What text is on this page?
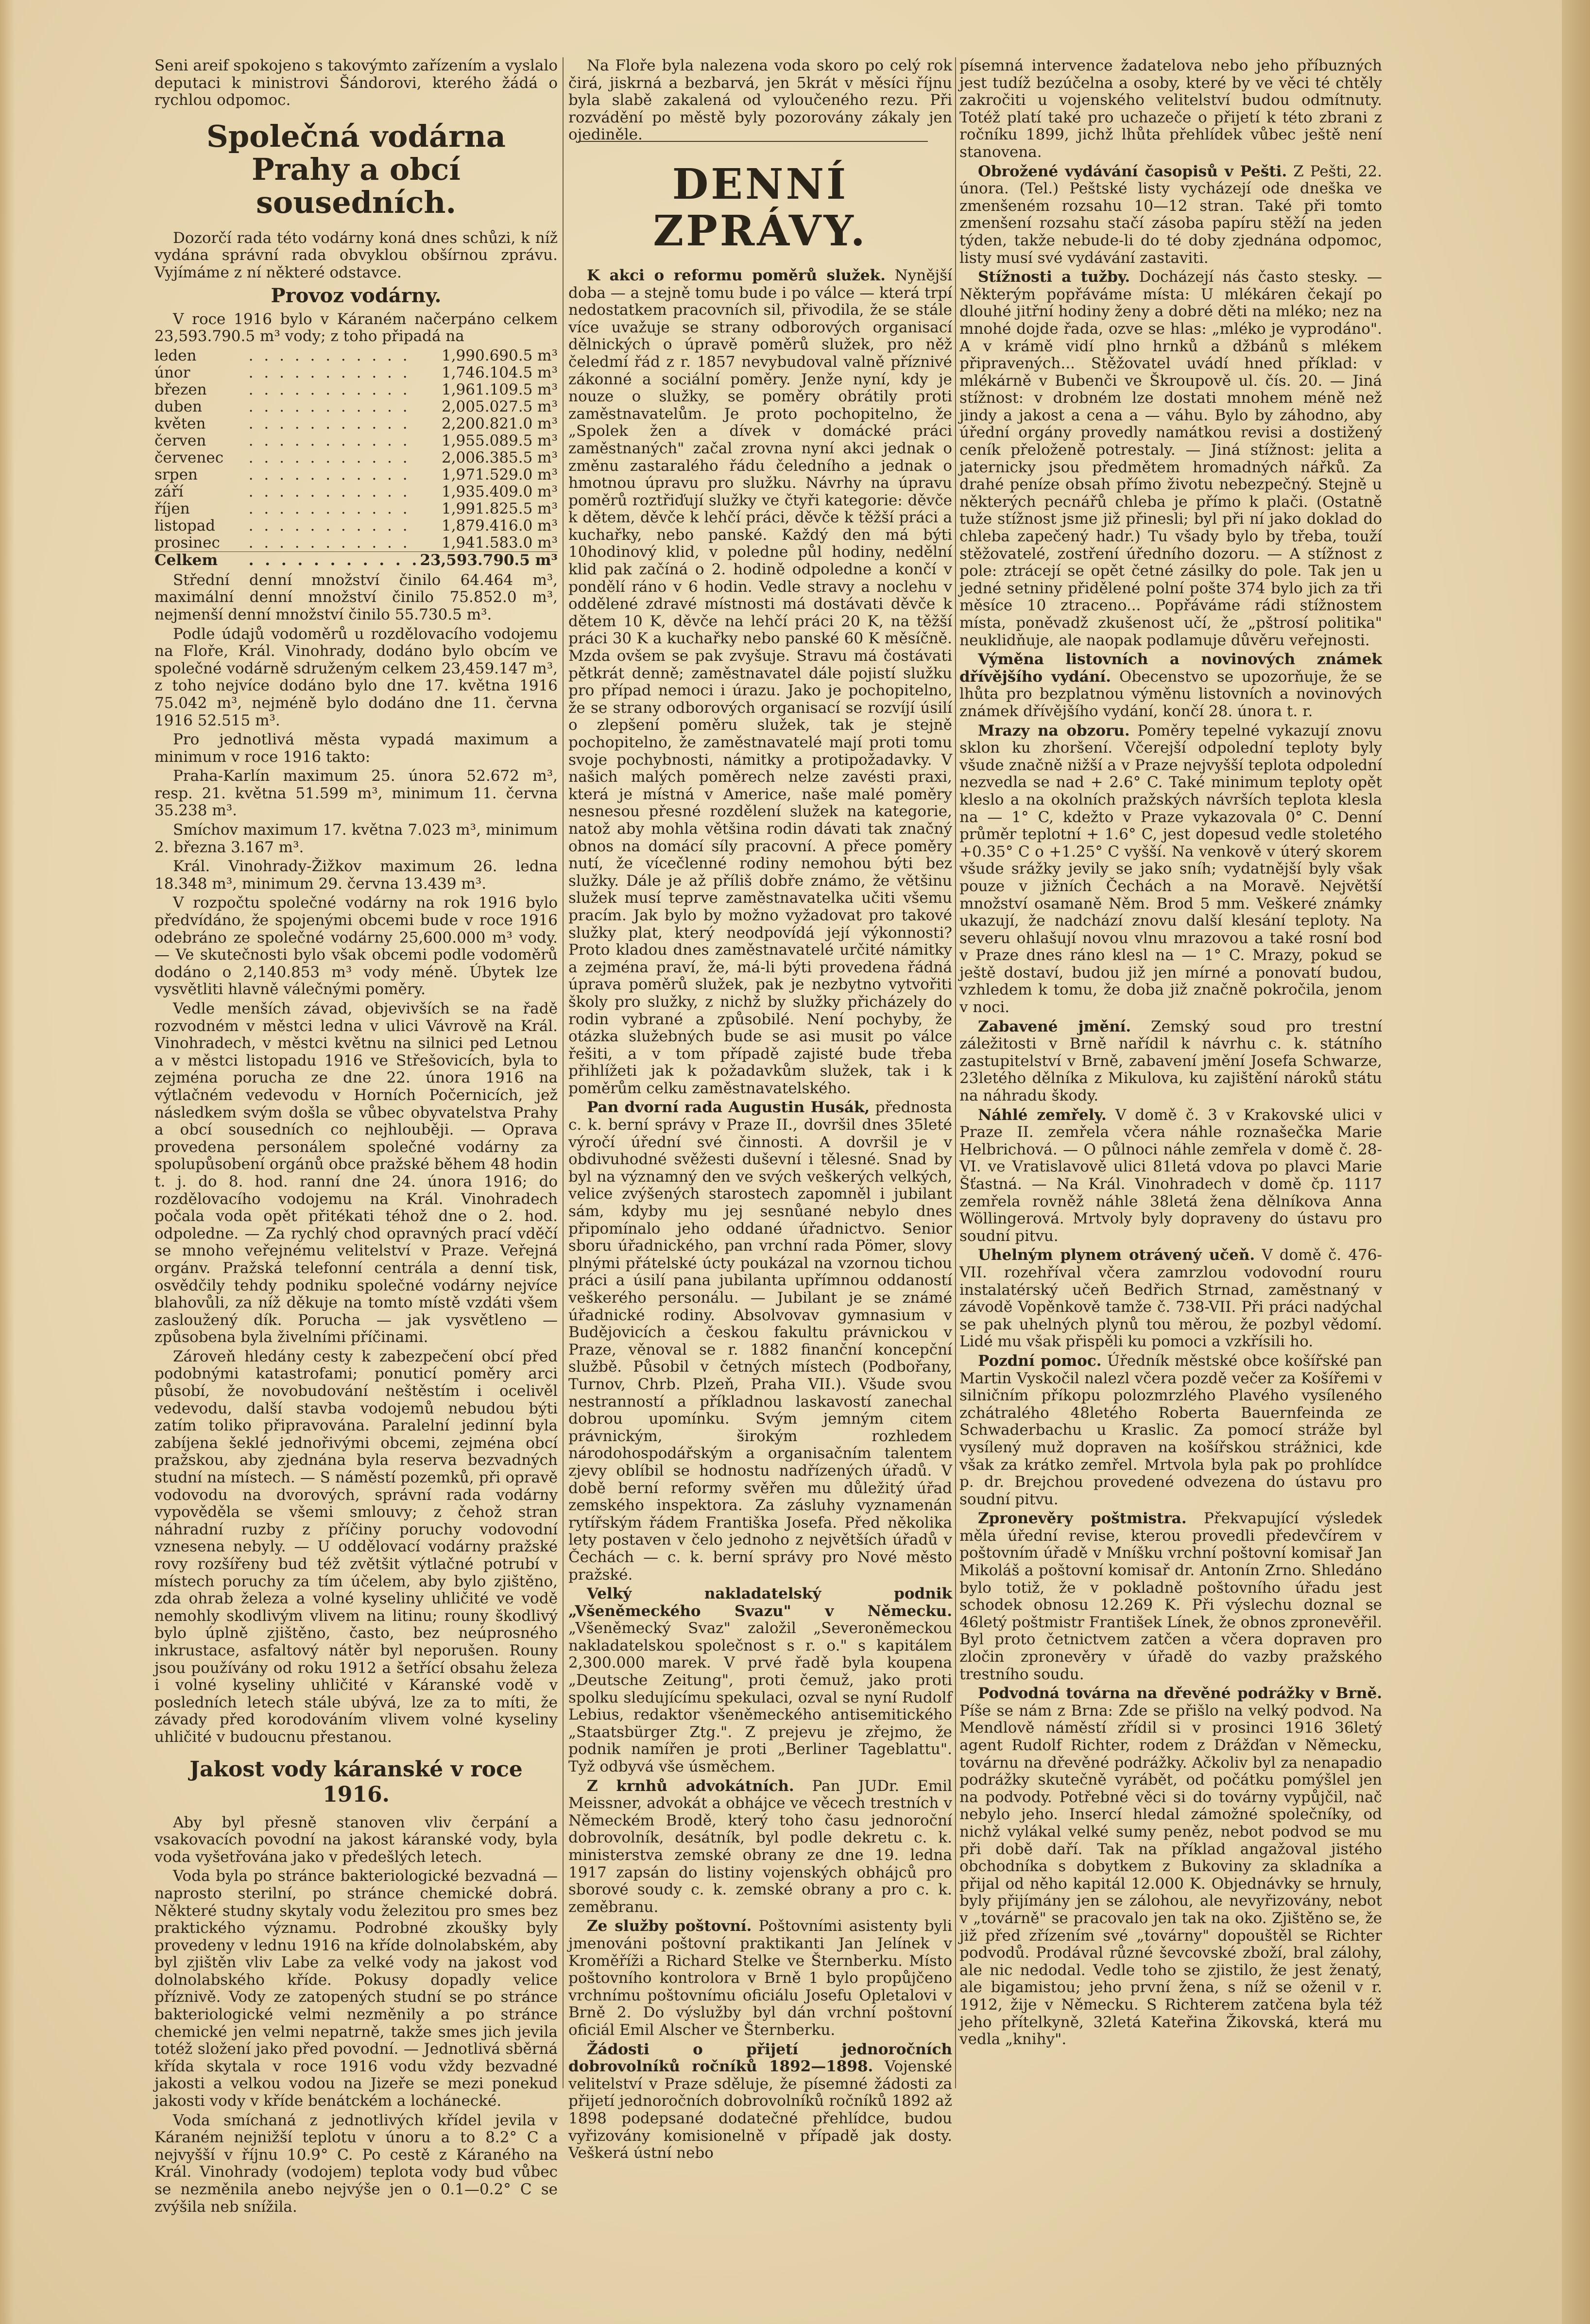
Seni areif spokojeno s takovýmto zařízením a vyslalo deputaci k ministrovi Šándorovi, kterého žádá o rychlou odpomoc.

Společná vodárna Prahy a obcí sousedních.

Dozorčí rada této vodárny koná dnes schůzi, k níž vydána správní rada obvyklou obšírnou zprávu. Vyjímáme z ní některé odstavce.

Provoz vodárny.

V roce 1916 bylo v Káraném načerpáno celkem 23,593.790.5 m³ vody; z toho připadá na

leden	. . . . . . . . . . .	1,990.690.5 m³
únor	. . . . . . . . . . .	1,746.104.5 m³
březen	. . . . . . . . . . .	1,961.109.5 m³
duben	. . . . . . . . . . .	2,005.027.5 m³
květen	. . . . . . . . . . .	2,200.821.0 m³
červen	. . . . . . . . . . .	1,955.089.5 m³
červenec	. . . . . . . . . . .	2,006.385.5 m³
srpen	. . . . . . . . . . .	1,971.529.0 m³
září	. . . . . . . . . . .	1,935.409.0 m³
říjen	. . . . . . . . . . .	1,991.825.5 m³
listopad	. . . . . . . . . . .	1,879.416.0 m³
prosinec	. . . . . . . . . . .	1,941.583.0 m³
Celkem	. . . . . . . . . . .	23,593.790.5 m³

Střední denní množství činilo 64.464 m³, maximální denní množství činilo 75.852.0 m³, nejmenší denní množství činilo 55.730.5 m³.

Podle údajů vodoměrů u rozdělovacího vodojemu na Floře, Král. Vinohrady, dodáno bylo obcím ve společné vodárně sdruženým celkem 23,459.147 m³, z toho nejvíce dodáno bylo dne 17. května 1916 75.042 m³, nejméně bylo dodáno dne 11. června 1916 52.515 m³.

Pro jednotlivá města vypadá maximum a minimum v roce 1916 takto:

Praha-Karlín maximum 25. února 52.672 m³, resp. 21. května 51.599 m³, minimum 11. června 35.238 m³.

Smíchov maximum 17. května 7.023 m³, minimum 2. března 3.167 m³.

Král. Vinohrady-Žižkov maximum 26. ledna 18.348 m³, minimum 29. června 13.439 m³.

V rozpočtu společné vodárny na rok 1916 bylo předvídáno, že spojenými obcemi bude v roce 1916 odebráno ze společné vodárny 25,600.000 m³ vody. — Ve skutečnosti bylo však obcemi podle vodoměrů dodáno o 2,140.853 m³ vody méně. Úbytek lze vysvětliti hlavně válečnými poměry.

Vedle menších závad, objevivších se na řadě rozvodném v městci ledna v ulici Vávrově na Král. Vinohradech, v městci květnu na silnici ped Letnou a v městci listopadu 1916 ve Střešovicích, byla to zejména porucha ze dne 22. února 1916 na výtlačném vedevodu v Horních Počernicích, jež následkem svým došla se vůbec obyvatelstva Prahy a obcí sousedních co nejhlouběji. — Oprava provedena personálem společné vodárny za spolupůsobení orgánů obce pražské během 48 hodin t. j. do 8. hod. ranní dne 24. února 1916; do rozdělovacího vodojemu na Král. Vinohradech počala voda opět přitékati téhož dne o 2. hod. odpoledne. — Za rychlý chod opravných prací vděčí se mnoho veřejnému velitelství v Praze. Veřejná orgánv. Pražská telefonní centrála a denní tisk, osvědčily tehdy podniku společné vodárny nejvíce blahovůli, za níž děkuje na tomto místě vzdáti všem zasloužený dík. Porucha — jak vysvětleno — způsobena byla živelními příčinami.

Zároveň hledány cesty k zabezpečení obcí před podobnými katastrofami; ponuticí poměry arci působí, že novobudování neštěstím i ocelivěl vedevodu, další stavba vodojemů nebudou býti zatím toliko připravována. Paralelní jedinní byla zabíjena šeklé jednořivými obcemi, zejména obcí pražskou, aby zjednána byla reserva bezvadných studní na místech. — S náměstí pozemků, při opravě vodovodu na dvorových, správní rada vodárny vypověděla se všemi smlouvy; z čehož stran náhradní ruzby z příčiny poruchy vodovodní vznesena nebyly. — U oddělovací vodárny pražské rovy rozšířeny bud též zvětšit výtlačné potrubí v místech poruchy za tím účelem, aby bylo zjištěno, zda ohrab železa a volné kyseliny uhličité ve vodě nemohly skodlivým vlivem na litinu; rouny škodlivý bylo úplně zjištěno, často, bez neúprosného inkrustace, asfaltový nátěr byl neporušen. Rouny jsou používány od roku 1912 a šetřící obsahu železa i volné kyseliny uhličité v Káranské vodě v posledních letech stále ubývá, lze za to míti, že závady před korodováním vlivem volné kyseliny uhličité v budoucnu přestanou.

Jakost vody káranské v roce 1916.

Aby byl přesně stanoven vliv čerpání a vsakovacích povodní na jakost káranské vody, byla voda vyšetřována jako v předešlých letech.

Voda byla po stránce bakteriologické bezvadná — naprosto sterilní, po stránce chemické dobrá. Některé studny skytaly vodu železitou pro smes bez praktického významu. Podrobné zkoušky byly provedeny v lednu 1916 na kříde dolnolabském, aby byl zjištěn vliv Labe za velké vody na jakost vod dolnolabského kříde. Pokusy dopadly velice příznivě. Vody ze zatopených studní se po stránce bakteriologické velmi nezměnily a po stránce chemické jen velmi nepatrně, takže smes jich jevila totéž složení jako před povodní. — Jednotlivá sběrná křída skytala v roce 1916 vodu vždy bezvadné jakosti a velkou vodou na Jizeře se mezi ponekud jakosti vody v kříde benátckém a lochánecké.

Voda smíchaná z jednotlivých křídel jevila v Káraném nejnižší teplotu v únoru a to 8.2° C a nejvyšší v říjnu 10.9° C. Po cestě z Káraného na Král. Vinohrady (vodojem) teplota vody bud vůbec se nezměnila anebo nejvýše jen o 0.1—0.2° C se zvýšila neb snížila.

Na Floře byla nalezena voda skoro po celý rok čirá, jiskrná a bezbarvá, jen 5krát v měsíci říjnu byla slabě zakalená od vyloučeného rezu. Při rozvádění po městě byly pozorovány zákaly jen ojediněle.

DENNÍ ZPRÁVY.

K akci o reformu poměrů služek. Nynější doba — a stejně tomu bude i po válce — která trpí nedostatkem pracovních sil, přivodila, že se stále více uvažuje se strany odborových organisací dělnických o úpravě poměrů služek, pro něž čeledmí řád z r. 1857 nevybudoval valně příznivé zákonné a sociální poměry. Jenže nyní, kdy je nouze o služky, se poměry obrátily proti zaměstnavatelům. Je proto pochopitelno, že „Spolek žen a dívek v domácké práci zaměstnaných" začal zrovna nyní akci jednak o změnu zastaralého řádu čeledního a jednak o hmotnou úpravu pro služku. Návrhy na úpravu poměrů roztřiďují služky ve čtyři kategorie: děvče k dětem, děvče k lehčí práci, děvče k těžší práci a kuchařky, nebo panské. Každý den má býti 10hodinový klid, v poledne půl hodiny, nedělní klid pak začíná o 2. hodině odpoledne a končí v pondělí ráno v 6 hodin. Vedle stravy a noclehu v oddělené zdravé místnosti má dostávati děvče k dětem 10 K, děvče na lehčí práci 20 K, na těžší práci 30 K a kuchařky nebo panské 60 K měsíčně. Mzda ovšem se pak zvyšuje. Stravu má čostávati pětkrát denně; zaměstnavatel dále pojistí služku pro případ nemoci i úrazu. Jako je pochopitelno, že se strany odborových organisací se rozvíjí úsilí o zlepšení poměru služek, tak je stejně pochopitelno, že zaměstnavatelé mají proti tomu svoje pochybnosti, námitky a protipožadavky. V našich malých poměrech nelze zavésti praxi, která je místná v Americe, naše malé poměry nesnesou přesné rozdělení služek na kategorie, natož aby mohla většina rodin dávati tak značný obnos na domácí síly pracovní. A přece poměry nutí, že vícečlenné rodiny nemohou býti bez služky. Dále je až příliš dobře známo, že většinu služek musí teprve zaměstnavatelka učiti všemu pracím. Jak bylo by možno vyžadovat pro takové služky plat, který neodpovídá její výkonnosti? Proto kladou dnes zaměstnavatelé určité námitky a zejména praví, že, má-li býti provedena řádná úprava poměrů služek, pak je nezbytno vytvořiti školy pro služky, z nichž by služky přicházely do rodin vybrané a způsobilé. Není pochyby, že otázka služebných bude se asi musit po válce řešiti, a v tom případě zajisté bude třeba přihlížeti jak k požadavkům služek, tak i k poměrům celku zaměstnavatelského.

Pan dvorní rada Augustin Husák, přednosta c. k. berní správy v Praze II., dovršil dnes 35leté výročí úřední své činnosti. A dovršil je v obdivuhodné svěžesti duševní i tělesné. Snad by byl na významný den ve svých veškerých velkých, velice zvýšených starostech zapomněl i jubilant sám, kdyby mu jej sesnůané nebylo dnes připomínalo jeho oddané úřadnictvo. Senior sboru úřadnického, pan vrchní rada Pömer, slovy plnými přátelské úcty poukázal na vzornou tichou práci a úsilí pana jubilanta upřímnou oddaností veškerého personálu. — Jubilant je se známé úřadnické rodiny. Absolvovav gymnasium v Budějovicích a českou fakultu právnickou v Praze, věnoval se r. 1882 finanční koncepční službě. Působil v četných místech (Podbořany, Turnov, Chrb. Plzeň, Praha VII.). Všude svou nestranností a příkladnou laskavostí zanechal dobrou upomínku. Svým jemným citem právnickým, širokým rozhledem národohospodářským a organisačním talentem zjevy oblíbil se hodnostu nadřízených úřadů. V době berní reformy svěřen mu důležitý úřad zemského inspektora. Za zásluhy vyznamenán rytířským řádem Františka Josefa. Před několika lety postaven v čelo jednoho z největších úřadů v Čechách — c. k. berní správy pro Nové město pražské.

Velký nakladatelský podnik „Všeněmeckého Svazu" v Německu. „Všeněmecký Svaz" založil „Severoněmeckou nakladatelskou společnost s r. o." s kapitálem 2,300.000 marek. V prvé řadě byla koupena „Deutsche Zeitung", proti čemuž, jako proti spolku sledujícímu spekulaci, ozval se nyní Rudolf Lebius, redaktor všeněmeckého antisemitického „Staatsbürger Ztg.". Z prejevu je zřejmo, že podnik namířen je proti „Berliner Tageblattu". Tyž odbyvá vše úsměchem.

Z krnhů advokátních. Pan JUDr. Emil Meissner, advokát a obhájce ve věcech trestních v Německém Brodě, který toho času jednoroční dobrovolník, desátník, byl podle dekretu c. k. ministerstva zemské obrany ze dne 19. ledna 1917 zapsán do listiny vojenských obhájců pro sborové soudy c. k. zemské obrany a pro c. k. zeměbranu.

Ze služby poštovní. Poštovními asistenty byli jmenováni poštovní praktikanti Jan Jelínek v Kroměříži a Richard Stelke ve Šternberku. Místo poštovního kontrolora v Brně 1 bylo propůjčeno vrchnímu poštovnímu oficiálu Josefu Opletalovi v Brně 2. Do výslužby byl dán vrchní poštovní oficiál Emil Alscher ve Šternberku.

Žádosti o přijetí jednoročních dobrovolníků ročníků 1892—1898. Vojenské velitelství v Praze sděluje, že písemné žádosti za přijetí jednoročních dobrovolníků ročníků 1892 až 1898 podepsané dodatečné přehlídce, budou vyřizovány komisionelně v případě jak dosty. Veškerá ústní nebo

písemná intervence žadatelova nebo jeho příbuzných jest tudíž bezúčelna a osoby, které by ve věci té chtěly zakročiti u vojenského velitelství budou odmítnuty. Totéž platí také pro uchazeče o přijetí k této zbrani z ročníku 1899, jichž lhůta přehlídek vůbec ještě není stanovena.

Obrožené vydávání časopisů v Pešti. Z Pešti, 22. února. (Tel.) Peštské listy vycházejí ode dneška ve zmenšeném rozsahu 10—12 stran. Také při tomto zmenšení rozsahu stačí zásoba papíru stěží na jeden týden, takže nebude-li do té doby zjednána odpomoc, listy musí své vydávání zastaviti.

Stížnosti a tužby. Docházejí nás často stesky. — Některým popřáváme místa: U mlékáren čekají po dlouhé jitřní hodiny ženy a dobré děti na mléko; nez na mnohé dojde řada, ozve se hlas: „mléko je vyprodáno". A v krámě vidí plno hrnků a džbánů s mlékem připravených... Stěžovatel uvádí hned příklad: v mlékárně v Bubenči ve Škroupově ul. čís. 20. — Jiná stížnost: v drobném lze dostati mnohem méně než jindy a jakost a cena a — váhu. Bylo by záhodno, aby úřední orgány provedly namátkou revisi a dostižený ceník přeloženě potrestaly. — Jiná stížnost: jelita a jaternicky jsou předmětem hromadných nářků. Za drahé peníze obsah přímo životu nebezpečný. Stejně u některých pecnářů chleba je přímo k plači. (Ostatně tuže stížnost jsme již přinesli; byl při ní jako doklad do chleba zapečený hadr.) Tu všady bylo by třeba, touží stěžovatelé, zostření úředního dozoru. — A stížnost z pole: ztrácejí se opět četné zásilky do pole. Tak jen u jedné setniny přidělené polní pošte 374 bylo jich za tři měsíce 10 ztraceno... Popřáváme rádi stížnostem místa, poněvadž zkušenost učí, že „pštrosí politika" neuklidňuje, ale naopak podlamuje důvěru veřejnosti.

Výměna listovních a novinových známek dřívějšího vydání. Obecenstvo se upozorňuje, že se lhůta pro bezplatnou výměnu listovních a novinových známek dřívějšího vydání, končí 28. února t. r.

Mrazy na obzoru. Poměry tepelné vykazují znovu sklon ku zhoršení. Včerejší odpolední teploty byly všude značně nižší a v Praze nejvyšší teplota odpolední nezvedla se nad + 2.6° C. Také minimum teploty opět kleslo a na okolních pražských návrších teplota klesla na — 1° C, kdežto v Praze vykazovala 0° C. Denní průměr teplotní + 1.6° C, jest dopesud vedle stoletého +0.35° C o +1.25° C vyšší. Na venkově v úterý skorem všude srážky jevily se jako sníh; vydatnější byly však pouze v jižních Čechách a na Moravě. Největší množství osamaně Něm. Brod 5 mm. Veškeré známky ukazují, že nadchází znovu další klesání teploty. Na severu ohlašují novou vlnu mrazovou a také rosní bod v Praze dnes ráno klesl na — 1° C. Mrazy, pokud se ještě dostaví, budou již jen mírné a ponovatí budou, vzhledem k tomu, že doba již značně pokročila, jenom v noci.

Zabavené jmění. Zemský soud pro trestní záležitosti v Brně nařídil k návrhu c. k. státního zastupitelství v Brně, zabavení jmění Josefa Schwarze, 23letého dělníka z Mikulova, ku zajištění nároků státu na náhradu škody.

Náhlé zemřely. V domě č. 3 v Krakovské ulici v Praze II. zemřela včera náhle roznašečka Marie Helbrichová. — O půlnoci náhle zemřela v domě č. 28-VI. ve Vratislavově ulici 81letá vdova po plavci Marie Šťastná. — Na Král. Vinohradech v domě čp. 1117 zemřela rovněž náhle 38letá žena dělníkova Anna Wöllingerová. Mrtvoly byly dopraveny do ústavu pro soudní pitvu.

Uhelným plynem otrávený učeň. V domě č. 476-VII. rozehříval včera zamrzlou vodovodní rouru instalatérský učeň Bedřich Strnad, zaměstnaný v závodě Vopěnkově tamže č. 738-VII. Při práci nadýchal se pak uhelných plynů tou měrou, že pozbyl vědomí. Lidé mu však přispěli ku pomoci a vzkřísili ho.

Pozdní pomoc. Úředník městské obce košířské pan Martin Vyskočil nalezl včera pozdě večer za Košířemi v silničním příkopu polozmrzlého Plavého vysíleného zchátralého 48letého Roberta Bauernfeinda ze Schwaderbachu u Kraslic. Za pomocí stráže byl vysílený muž dopraven na košířskou strážnici, kde však za krátko zemřel. Mrtvola byla pak po prohlídce p. dr. Brejchou provedené odvezena do ústavu pro soudní pitvu.

Zpronevěry poštmistra. Překvapující výsledek měla úřední revise, kterou provedli předevčírem v poštovním úřadě v Mníšku vrchní poštovní komisař Jan Mikoláš a poštovní komisař dr. Antonín Zrno. Shledáno bylo totiž, že v pokladně poštovního úřadu jest schodek obnosu 12.269 K. Při výslechu doznal se 46letý poštmistr František Línek, že obnos zpronevěřil. Byl proto četnictvem zatčen a včera dopraven pro zločin zpronevěry v úřadě do vazby pražského trestního soudu.

Podvodná továrna na dřevěné podrážky v Brně. Píše se nám z Brna: Zde se přišlo na velký podvod. Na Mendlově náměstí zřídil si v prosinci 1916 36letý agent Rudolf Richter, rodem z Drážďan v Německu, továrnu na dřevěné podrážky. Ačkoliv byl za nenapadio podrážky skutečně vyrábět, od počátku pomýšlel jen na podvody. Potřebné věci si do továrny vypůjčil, nač nebylo jeho. Insercí hledal zámožné společníky, od nichž vylákal velké sumy peněz, nebot podvod se mu při době daří. Tak na příklad angažoval jistého obchodníka s dobytkem z Bukoviny za skladníka a přijal od něho kapitál 12.000 K. Objednávky se hrnuly, byly přijímány jen se zálohou, ale nevyřizovány, nebot v „továrně" se pracovalo jen tak na oko. Zjištěno se, že již před zřízením své „továrny" dopouštěl se Richter podvodů. Prodával různé ševcovské zboží, bral zálohy, ale nic nedodal. Vedle toho se zjistilo, že jest ženatý, ale bigamistou; jeho první žena, s níž se oženil v r. 1912, žije v Německu. S Richterem zatčena byla též jeho přítelkyně, 32letá Kateřina Žikovská, která mu vedla „knihy".
